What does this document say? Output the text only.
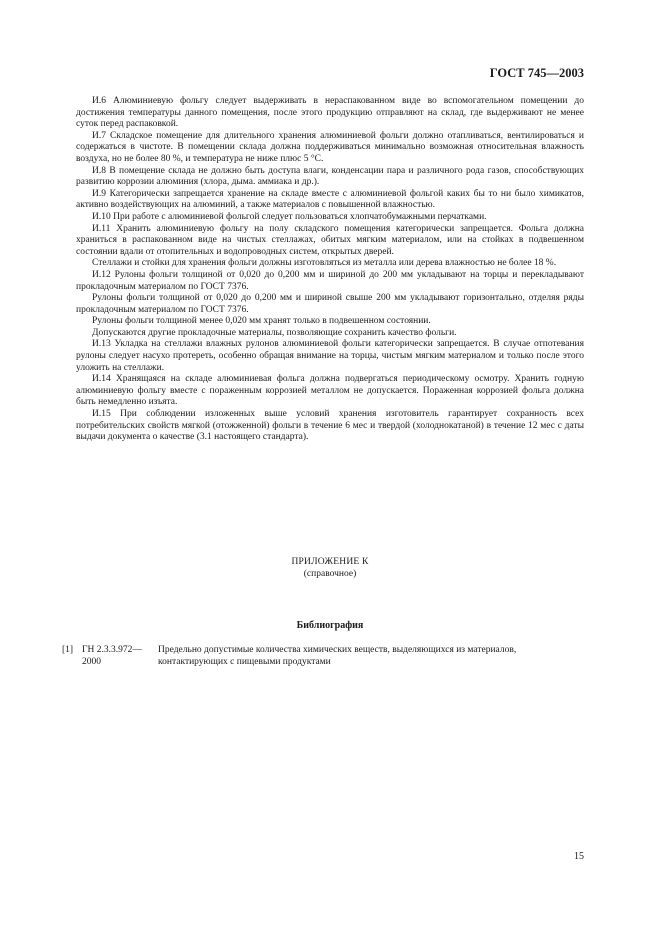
ГОСТ 745—2003

И.6 Алюминиевую фольгу следует выдерживать в нераспакованном виде во вспомогательном помещении до достижения температуры данного помещения, после этого продукцию отправляют на склад, где выдерживают не менее суток перед распаковкой.

И.7 Складское помещение для длительного хранения алюминиевой фольги должно отапливаться, вентилироваться и содержаться в чистоте. В помещении склада должна поддерживаться минимально возможная относительная влажность воздуха, но не более 80 %, и температура не ниже плюс 5 °С.

И.8 В помещение склада не должно быть доступа влаги, конденсации пара и различного рода газов, способствующих развитию коррозии алюминия (хлора, дыма. аммиака и др.).

И.9 Категорически запрещается хранение на складе вместе с алюминиевой фольгой каких бы то ни было химикатов, активно воздействующих на алюминий, а также материалов с повышенной влажностью.

И.10 При работе с алюминиевой фольгой следует пользоваться хлопчатобумажными перчатками.

И.11 Хранить алюминиевую фольгу на полу складского помещения категорически запрещается. Фольга должна храниться в распакованном виде на чистых стеллажах, обитых мягким материалом, или на стойках в подвешенном состоянии вдали от отопительных и водопроводных систем, открытых дверей.

Стеллажи и стойки для хранения фольги должны изготовляться из металла или дерева влажностью не более 18 %.

И.12 Рулоны фольги толщиной от 0,020 до 0,200 мм и шириной до 200 мм укладывают на торцы и перекладывают прокладочным материалом по ГОСТ 7376.

Рулоны фольги толщиной от 0,020 до 0,200 мм и шириной свыше 200 мм укладывают горизонтально, отделяя ряды прокладочным материалом по ГОСТ 7376.

Рулоны фольги толщиной менее 0,020 мм хранят только в подвешенном состоянии.

Допускаются другие прокладочные материалы, позволяющие сохранить качество фольги.

И.13 Укладка на стеллажи влажных рулонов алюминиевой фольги категорически запрещается. В случае отпотевания рулоны следует насухо протереть, особенно обращая внимание на торцы, чистым мягким материалом и только после этого уложить на стеллажи.

И.14 Хранящаяся на складе алюминиевая фольга должна подвергаться периодическому осмотру. Хранить годную алюминиевую фольгу вместе с пораженным коррозией металлом не допускается. Пораженная коррозией фольга должна быть немедленно изъята.

И.15 При соблюдении изложенных выше условий хранения изготовитель гарантирует сохранность всех потребительских свойств мягкой (отожженной) фольги в течение 6 мес и твердой (холоднокатаной) в течение 12 мес с даты выдачи документа о качестве (3.1 настоящего стандарта).

ПРИЛОЖЕНИЕ К
(справочное)
Библиография
[1] ГН 2.3.3.972—2000
Предельно допустимые количества химических веществ, выделяющихся из материалов, контактирующих с пищевыми продуктами
15
